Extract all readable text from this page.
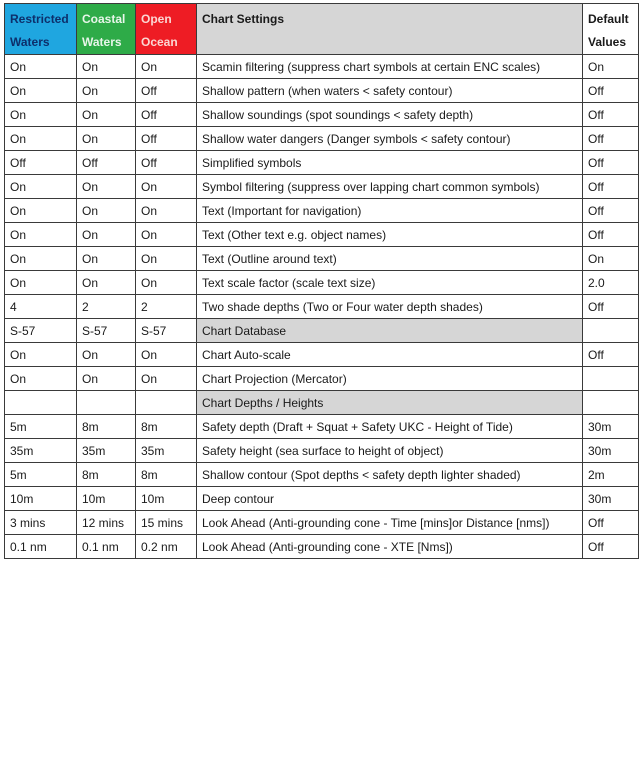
Restricted Waters	Coastal Waters	Open Ocean	Chart Settings	Default Values
On	On	On	Scamin filtering (suppress chart symbols at certain ENC scales)	On
On	On	Off	Shallow pattern (when waters < safety contour)	Off
On	On	Off	Shallow soundings (spot soundings < safety depth)	Off
On	On	Off	Shallow water dangers (Danger symbols < safety contour)	Off
Off	Off	Off	Simplified symbols	Off
On	On	On	Symbol filtering (suppress over lapping chart common symbols)	Off
On	On	On	Text (Important for navigation)	Off
On	On	On	Text (Other text e.g. object names)	Off
On	On	On	Text (Outline around text)	On
On	On	On	Text scale factor (scale text size)	2.0
4	2	2	Two shade depths (Two or Four water depth shades)	Off
S-57	S-57	S-57	Chart Database	
On	On	On	Chart Auto-scale	Off
On	On	On	Chart Projection (Mercator)	
			Chart Depths / Heights	
5m	8m	8m	Safety depth (Draft + Squat + Safety UKC - Height of Tide)	30m
35m	35m	35m	Safety height (sea surface to height of object)	30m
5m	8m	8m	Shallow contour (Spot depths < safety depth lighter shaded)	2m
10m	10m	10m	Deep contour	30m
3 mins	12 mins	15 mins	Look Ahead (Anti-grounding cone - Time [mins]or Distance [nms])	Off
0.1 nm	0.1 nm	0.2 nm	Look Ahead (Anti-grounding cone - XTE [Nms])	Off
